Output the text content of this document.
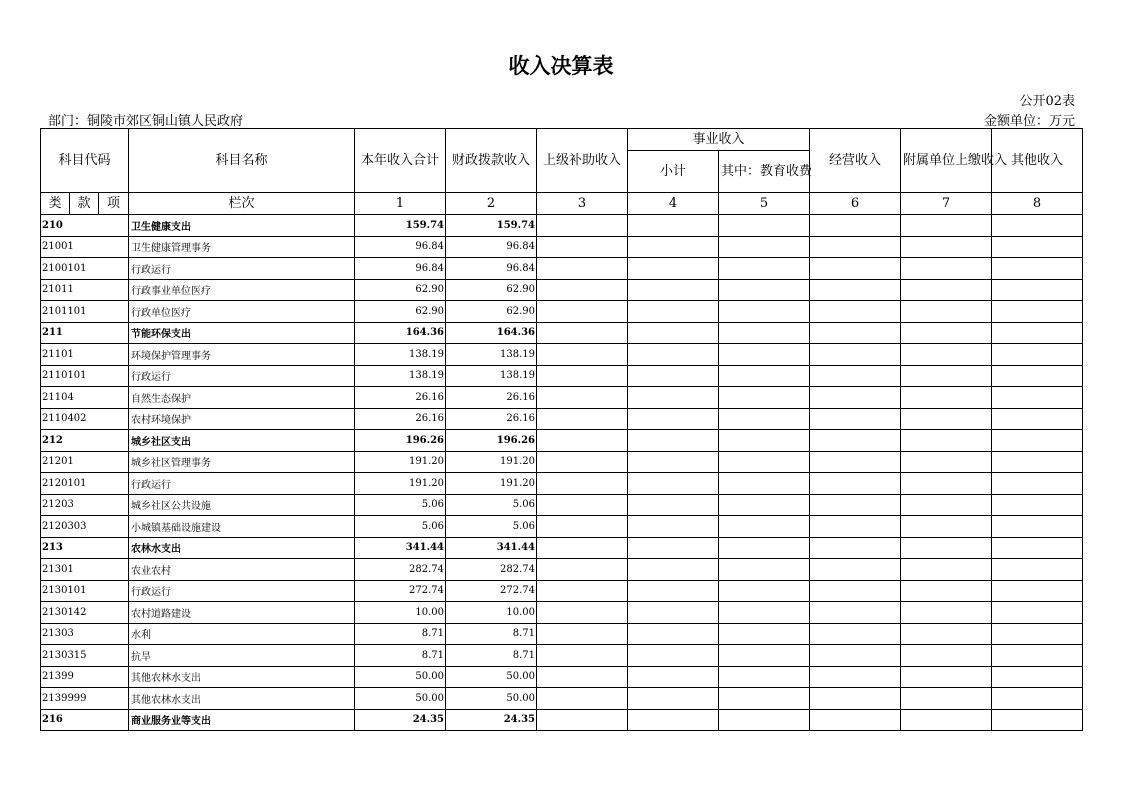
收入决算表
公开02表
部门：铜陵市郊区铜山镇人民政府	金额单位：万元
科目代码			科目名称	本年收入合计	财政拨款收入	上级补助收入	事业收入		经营收入	附属单位上缴收入	其他收入
							小计	其中：教育收费			
类	款	项	栏次	1	2	3	4	5	6	7	8
210			卫生健康支出	159.74	159.74						
21001			卫生健康管理事务	96.84	96.84						
2100101			行政运行	96.84	96.84						
21011			行政事业单位医疗	62.90	62.90						
2101101			行政单位医疗	62.90	62.90						
211			节能环保支出	164.36	164.36						
21101			环境保护管理事务	138.19	138.19						
2110101			行政运行	138.19	138.19						
21104			自然生态保护	26.16	26.16						
2110402			农村环境保护	26.16	26.16						
212			城乡社区支出	196.26	196.26						
21201			城乡社区管理事务	191.20	191.20						
2120101			行政运行	191.20	191.20						
21203			城乡社区公共设施	5.06	5.06						
2120303			小城镇基础设施建设	5.06	5.06						
213			农林水支出	341.44	341.44						
21301			农业农村	282.74	282.74						
2130101			行政运行	272.74	272.74						
2130142			农村道路建设	10.00	10.00						
21303			水利	8.71	8.71						
2130315			抗旱	8.71	8.71						
21399			其他农林水支出	50.00	50.00						
2139999			其他农林水支出	50.00	50.00						
216			商业服务业等支出	24.35	24.35						
